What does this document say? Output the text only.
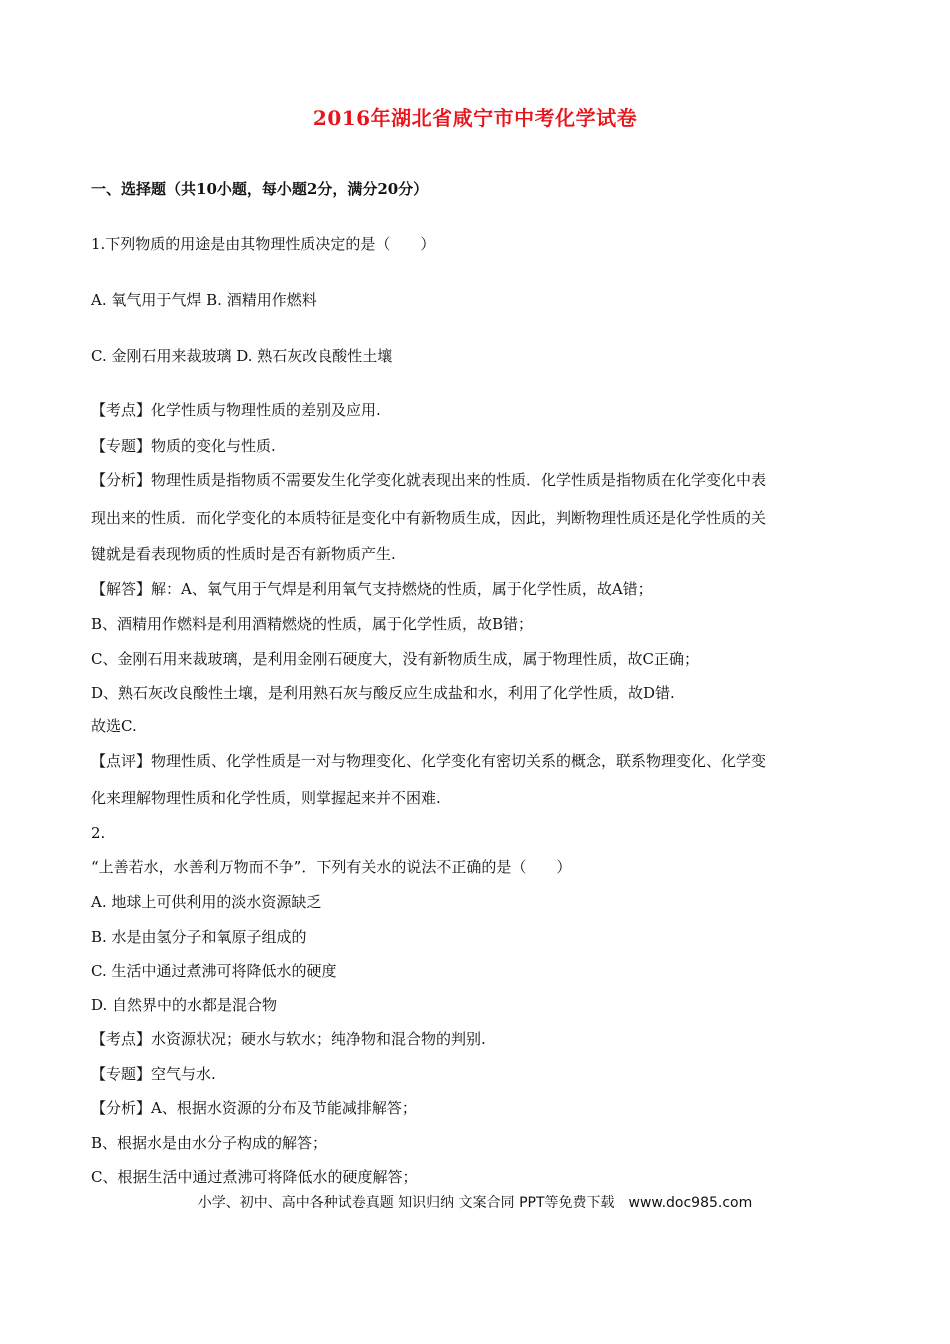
2016年湖北省咸宁市中考化学试卷
一、选择题（共10小题，每小题2分，满分20分）
1.下列物质的用途是由其物理性质决定的是（　　）
A. 氧气用于气焊 B. 酒精用作燃料
C. 金刚石用来裁玻璃 D. 熟石灰改良酸性土壤
【考点】化学性质与物理性质的差别及应用.
【专题】物质的变化与性质.
【分析】物理性质是指物质不需要发生化学变化就表现出来的性质．化学性质是指物质在化学变化中表
现出来的性质．而化学变化的本质特征是变化中有新物质生成，因此，判断物理性质还是化学性质的关
键就是看表现物质的性质时是否有新物质产生.
【解答】解：A、氧气用于气焊是利用氧气支持燃烧的性质，属于化学性质，故A错；
B、酒精用作燃料是利用酒精燃烧的性质，属于化学性质，故B错；
C、金刚石用来裁玻璃，是利用金刚石硬度大，没有新物质生成，属于物理性质，故C正确；
D、熟石灰改良酸性土壤，是利用熟石灰与酸反应生成盐和水，利用了化学性质，故D错.
故选C.
【点评】物理性质、化学性质是一对与物理变化、化学变化有密切关系的概念，联系物理变化、化学变
化来理解物理性质和化学性质，则掌握起来并不困难.
2.
“上善若水，水善利万物而不争”．下列有关水的说法不正确的是（　　）
A. 地球上可供利用的淡水资源缺乏
B. 水是由氢分子和氧原子组成的
C. 生活中通过煮沸可将降低水的硬度
D. 自然界中的水都是混合物
【考点】水资源状况；硬水与软水；纯净物和混合物的判别.
【专题】空气与水.
【分析】A、根据水资源的分布及节能减排解答；
B、根据水是由水分子构成的解答；
C、根据生活中通过煮沸可将降低水的硬度解答；
小学、初中、高中各种试卷真题 知识归纳 文案合同 PPT等免费下载　www.doc985.com
